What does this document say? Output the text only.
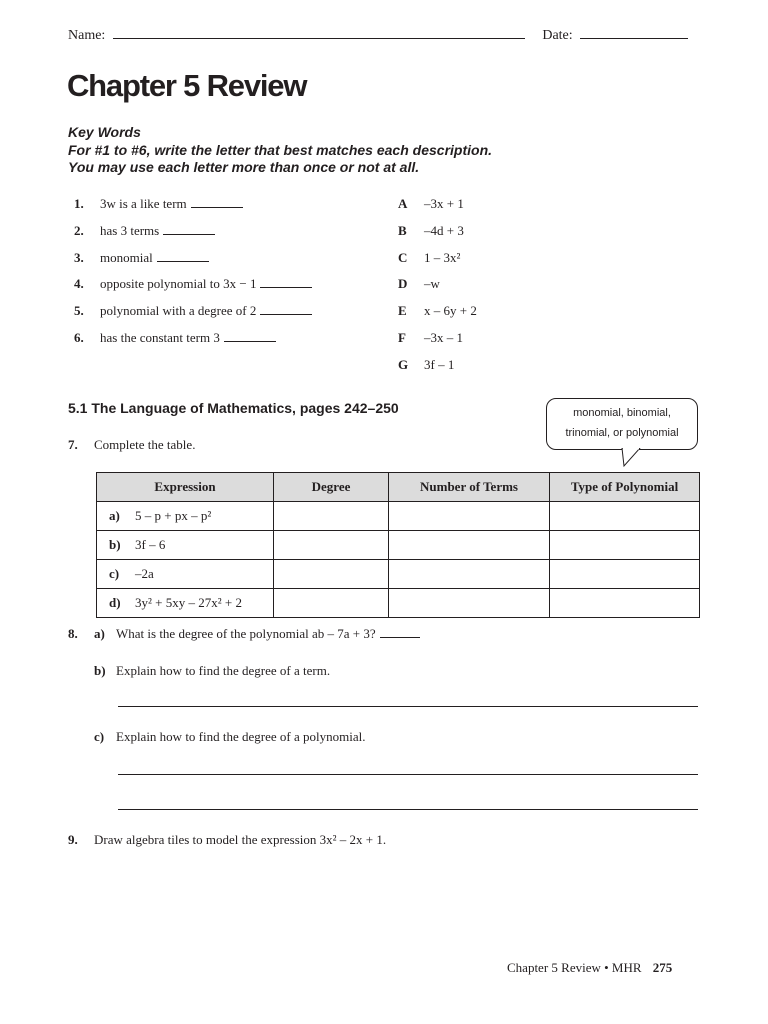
Name:	Date:
Chapter 5 Review
Key Words
For #1 to #6, write the letter that best matches each description.
You may use each letter more than once or not at all.
1. 3w is a like term
2. has 3 terms
3. monomial
4. opposite polynomial to 3x − 1
5. polynomial with a degree of 2
6. has the constant term 3
A –3x + 1
B –4d + 3
C 1 – 3x²
D –w
E x – 6y + 2
F –3x – 1
G 3f – 1
5.1 The Language of Mathematics, pages 242–250	monomial, binomial,
trinomial, or polynomial
7. Complete the table.
Expression	Degree	Number of Terms	Type of Polynomial
a) 5 – p + px – p²			
b) 3f – 6			
c) –2a			
d) 3y² + 5xy – 27x² + 2			
8. a) What is the degree of the polynomial ab – 7a + 3?
b) Explain how to find the degree of a term.
c) Explain how to find the degree of a polynomial.
9. Draw algebra tiles to model the expression 3x² – 2x + 1.
Chapter 5 Review • MHR 275
